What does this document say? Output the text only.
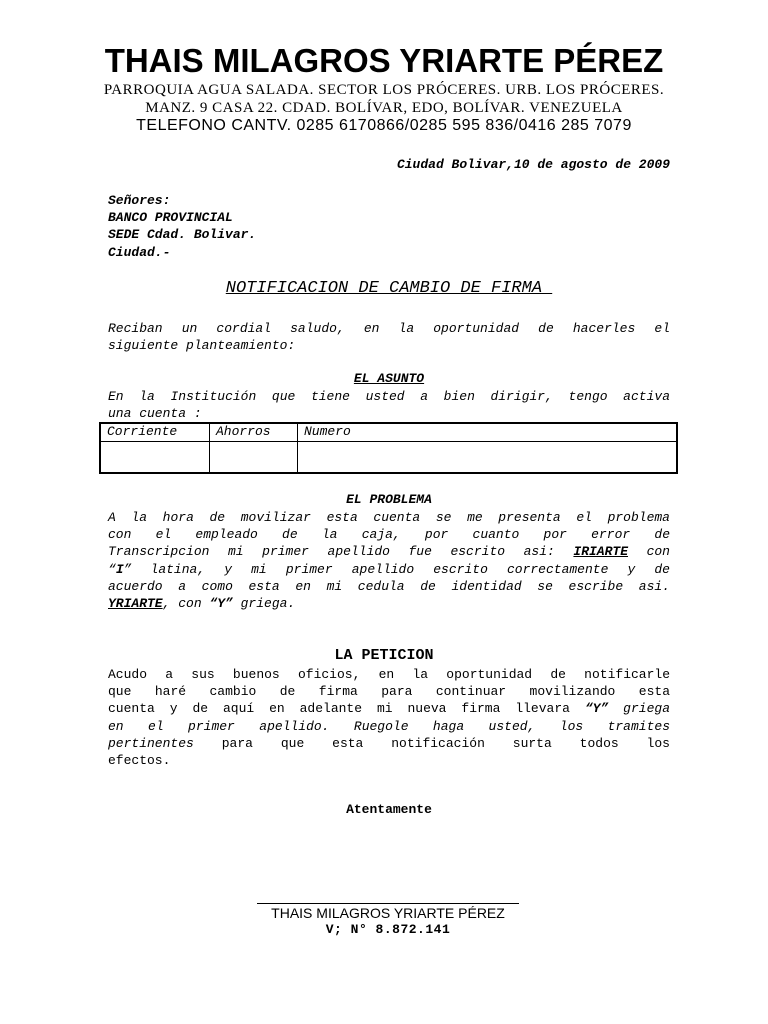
THAIS MILAGROS YRIARTE PÉREZ
PARROQUIA AGUA SALADA. SECTOR LOS PRÓCERES. URB. LOS PRÓCERES.
MANZ. 9 CASA 22. CDAD. BOLÍVAR, EDO, BOLÍVAR. VENEZUELA
TELEFONO CANTV. 0285 6170866/0285 595 836/0416 285 7079
Ciudad Bolivar,10 de agosto de 2009
Señores:
BANCO PROVINCIAL
SEDE Cdad. Bolivar.
Ciudad.-
NOTIFICACION DE CAMBIO DE FIRMA
Reciban un cordial saludo, en la oportunidad de hacerles el
siguiente planteamiento:
EL ASUNTO
En la Institución que tiene usted a bien dirigir, tengo activa
una cuenta :
Corriente	Ahorros	Numero
EL PROBLEMA
A la hora de movilizar esta cuenta se me presenta el problema
con el empleado de la caja, por cuanto por error de
Transcripcion mi primer apellido fue escrito asi: IRIARTE con
“I” latina, y mi primer apellido escrito correctamente y de
acuerdo a como esta en mi cedula de identidad se escribe asi.
YRIARTE, con “Y” griega.
LA PETICION
Acudo a sus buenos oficios, en la oportunidad de notificarle
que haré cambio de firma para continuar movilizando esta
cuenta y de aquí en adelante mi nueva firma llevara “Y” griega
en el primer apellido. Ruegole haga usted, los tramites
pertinentes para que esta notificación surta todos los
efectos.
Atentamente
THAIS MILAGROS YRIARTE PÉREZ
V; N° 8.872.141
